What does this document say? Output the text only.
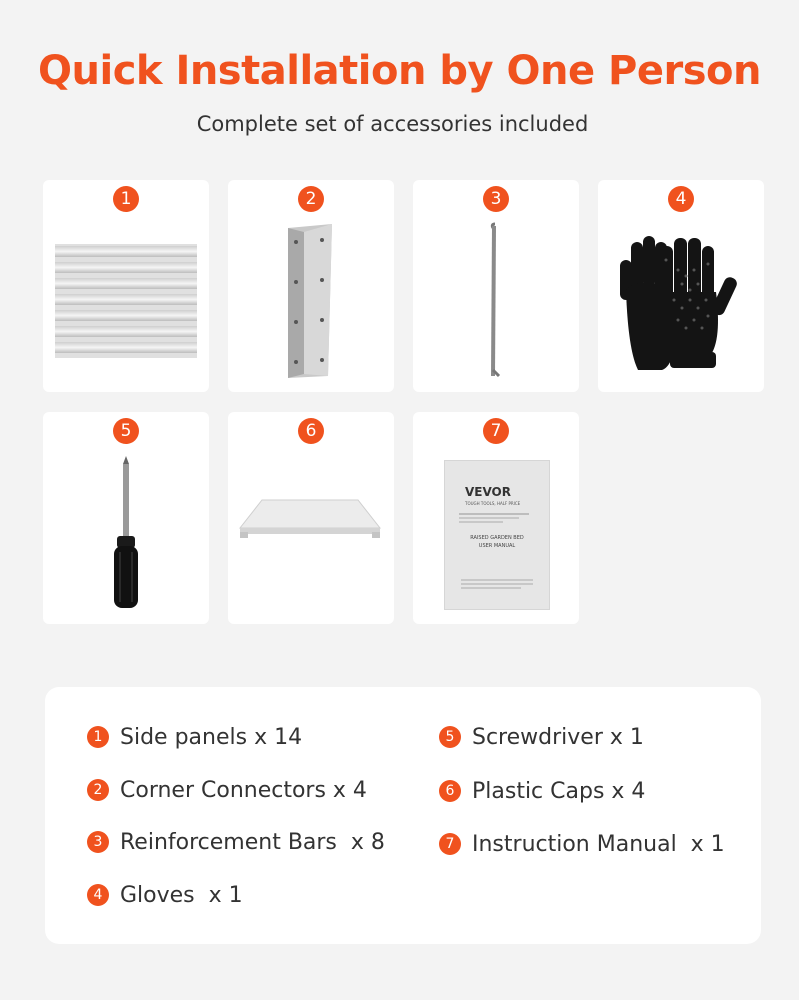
Quick Installation by One Person
Complete set of accessories included
1	2	3	4
5	6	7
VEVOR
TOUGH TOOLS, HALF PRICE
RAISED GARDEN BED
USER MANUAL
1 Side panels x 14
2 Corner Connectors x 4
3 Reinforcement Bars  x 8
4 Gloves  x 1
5 Screwdriver x 1
6 Plastic Caps x 4
7 Instruction Manual  x 1
